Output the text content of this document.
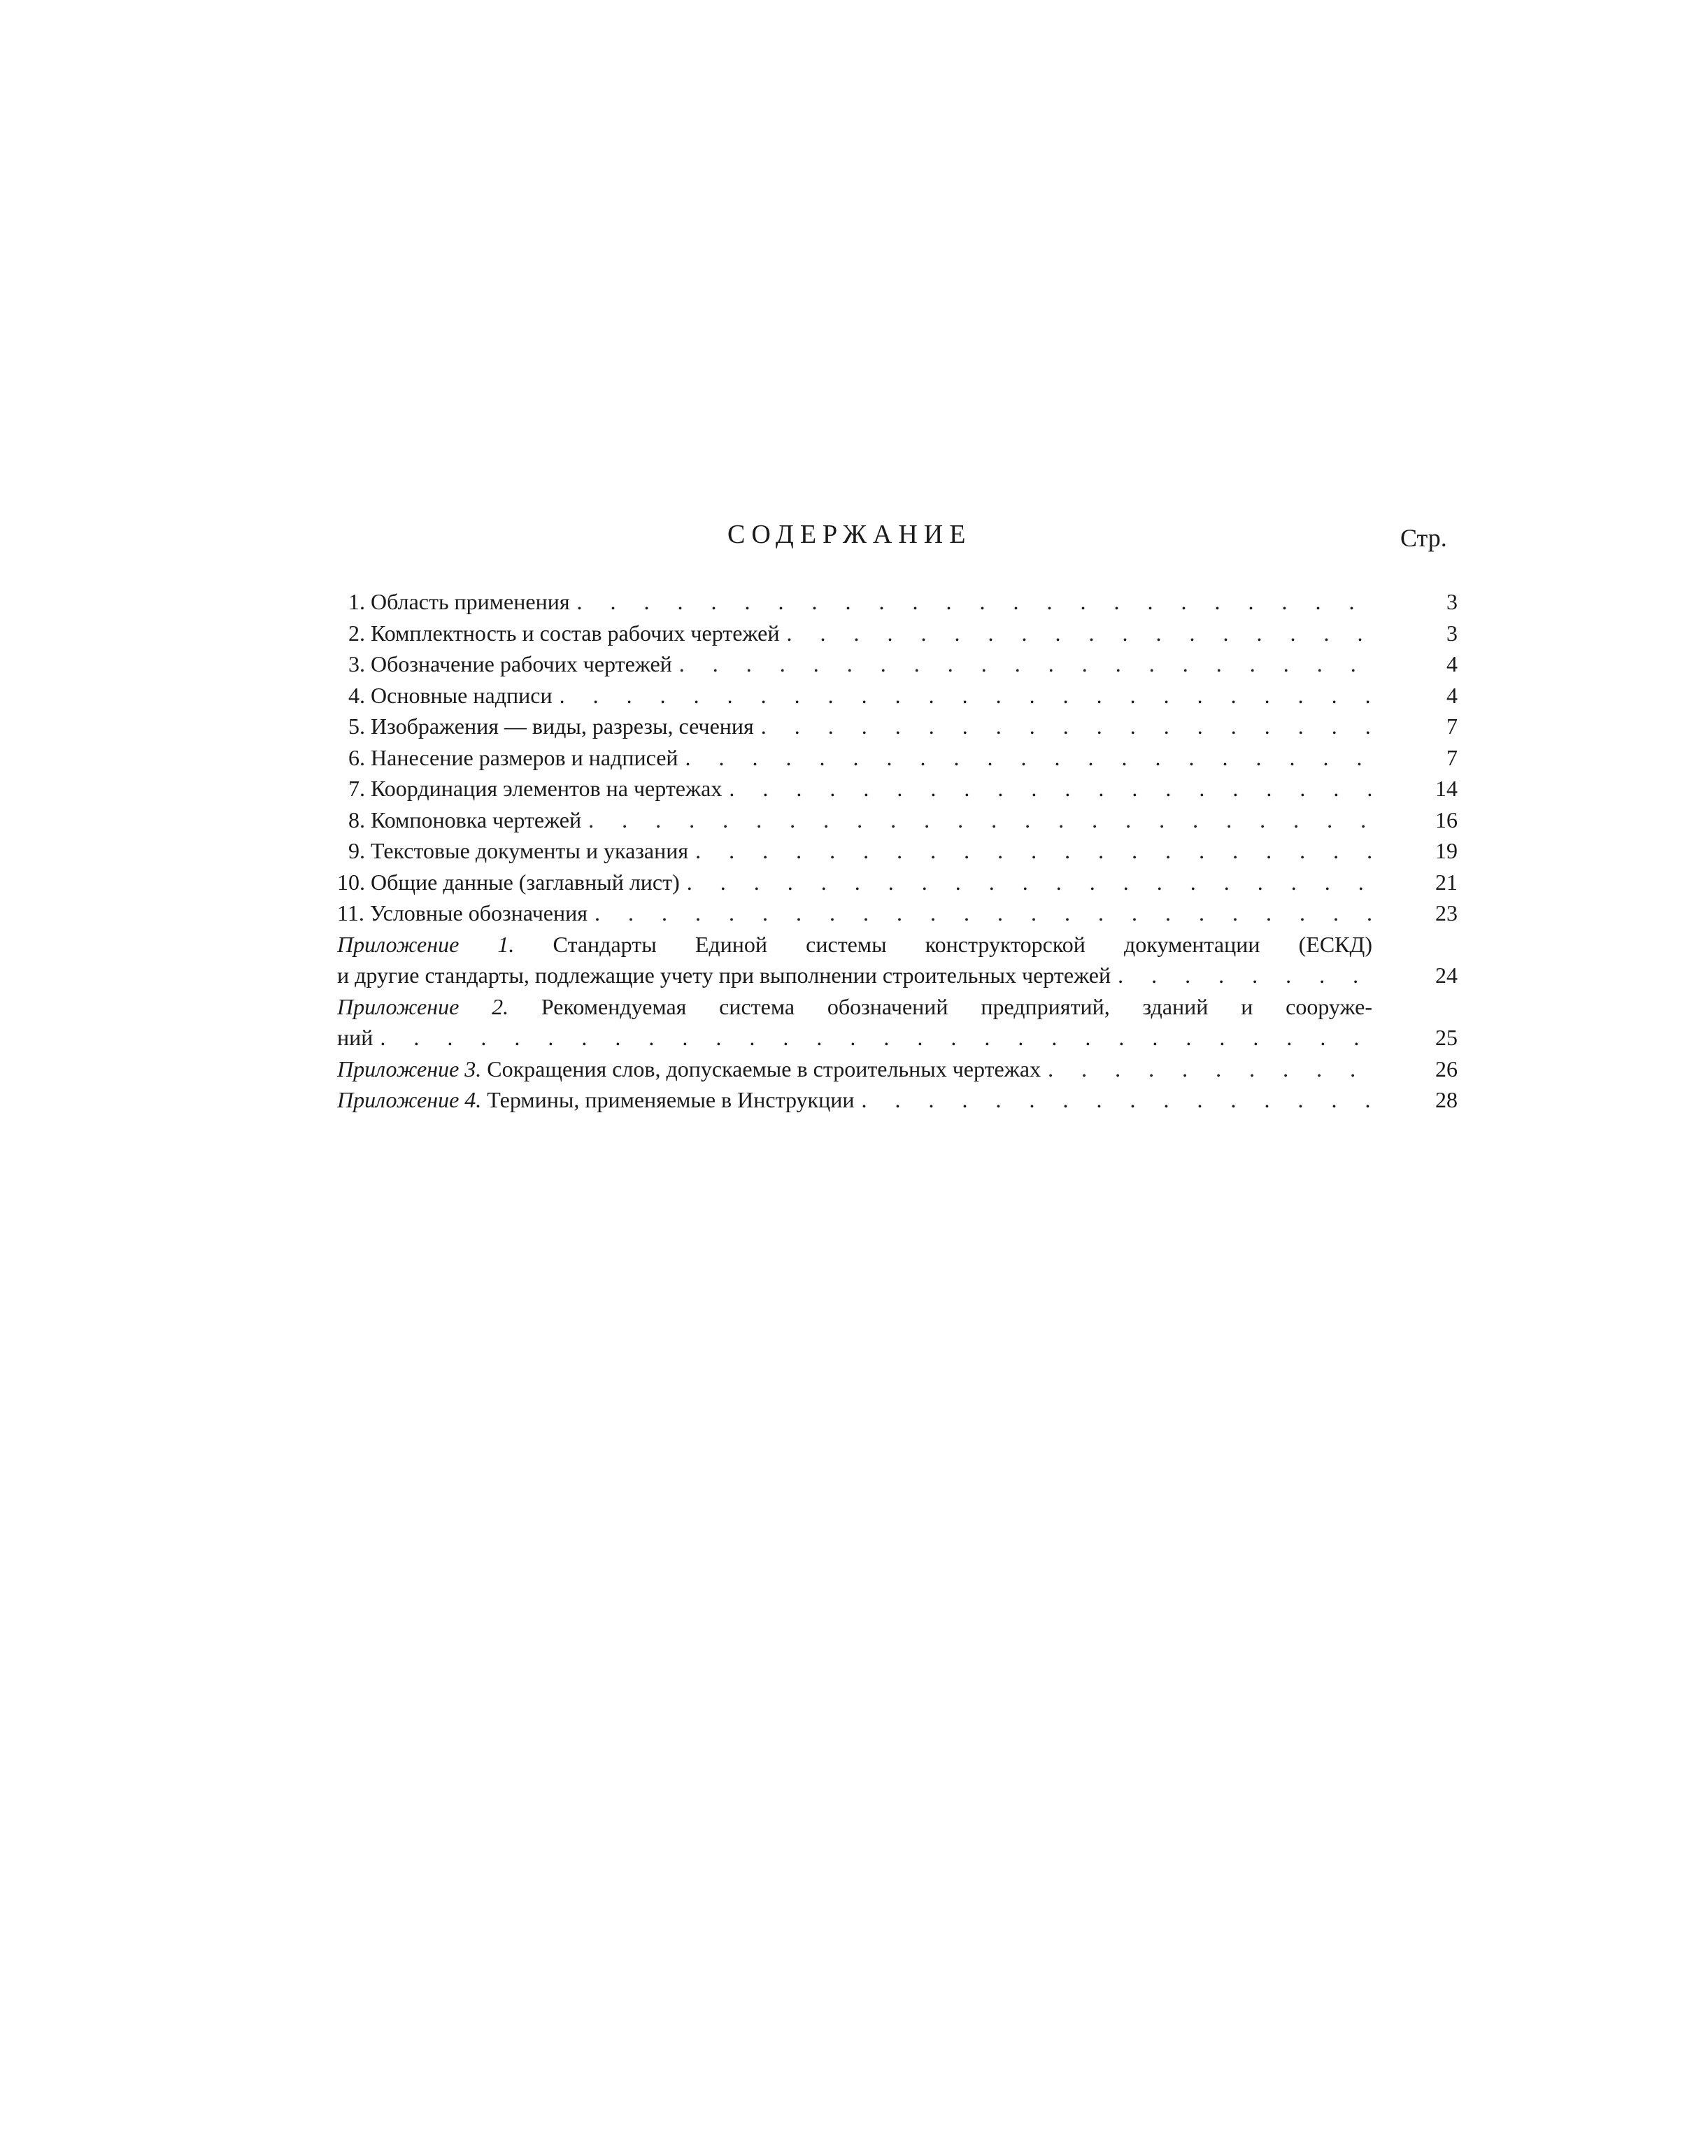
СОДЕРЖАНИЕ	Стр.
1. Область применения . . .	3
2. Комплектность и состав рабочих чертежей . . .	3
3. Обозначение рабочих чертежей . . .	4
4. Основные надписи . . .	4
5. Изображения — виды, разрезы, сечения . . .	7
6. Нанесение размеров и надписей . . .	7
7. Координация элементов на чертежах . . .	14
8. Компоновка чертежей . . .	16
9. Текстовые документы и указания . . .	19
10. Общие данные (заглавный лист) . . .	21
11. Условные обозначения . . .	23
Приложение 1. Стандарты Единой системы конструкторской документации (ЕСКД)
и другие стандарты, подлежащие учету при выполнении строительных чертежей . . .	24
Приложение 2. Рекомендуемая система обозначений предприятий, зданий и сооруже-
ний . . .	25
Приложение 3. Сокращения слов, допускаемые в строительных чертежах . . .	26
Приложение 4. Термины, применяемые в Инструкции . . .	28
